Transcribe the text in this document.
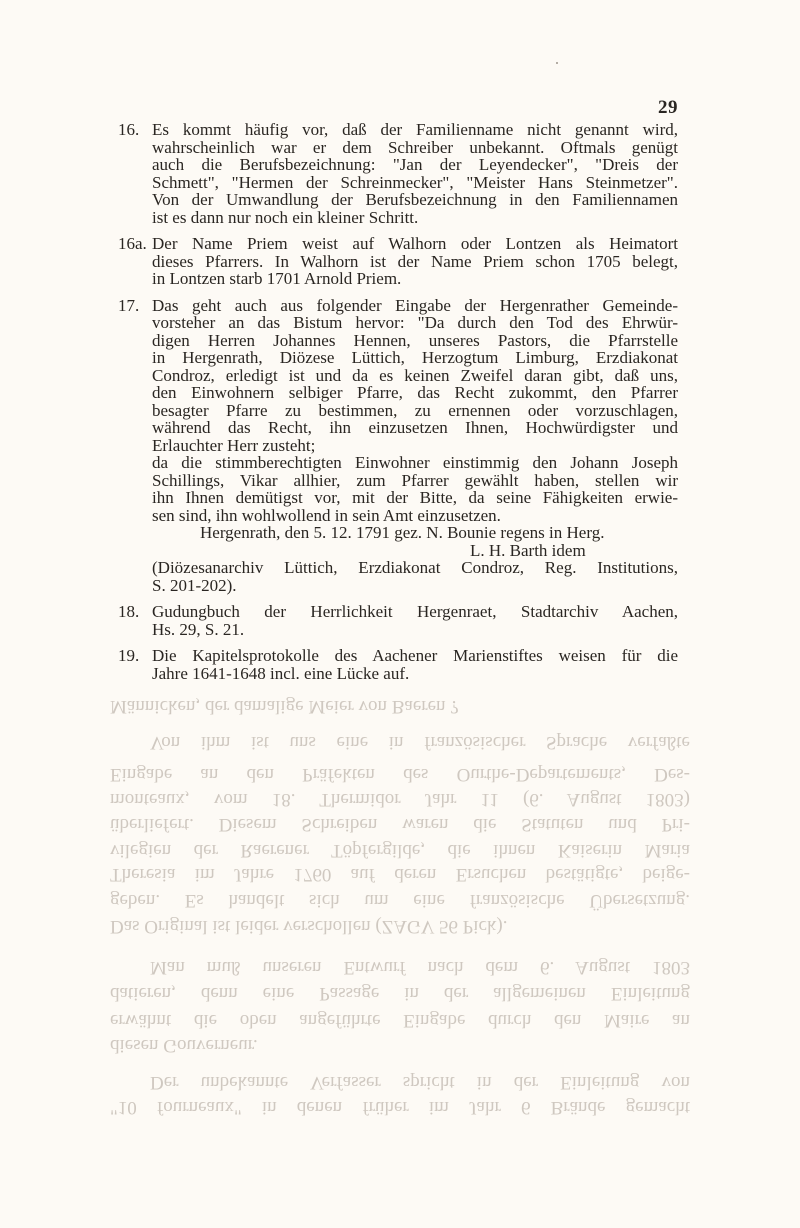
Männicken, der damalige Meier von Baeren ?
Von ihm ist uns eine in französischer Sprache verfaßte
Eingabe an den Präfekten des Ourthe-Departements, Des-
monteaux, vom 18. Thermidor Jahr 11 (6. August 1803)
überliefert. Diesem Schreiben waren die Statuten und Pri-
vilegien der Raerener Töpfergilde, die ihnen Kaiserin Maria
Theresia im Jahre 1760 auf deren Ersuchen bestätigte, beige-
geben. Es handelt sich um eine französische Übersetzung.
Das Original ist leider verschollen (ZAGV 56 Pick).
Man muß unseren Entwurf nach dem 6. August 1803
datieren, denn eine Passage in der allgemeinen Einleitung
erwähnt die oben angeführte Eingabe durch den Maire an
diesen Gouverneur.
Der unbekannte Verfasser spricht in der Einleitung von
"10 fourneaux" in denen früher im Jahr 6 Brände gemacht
29
16. Es kommt häufig vor, daß der Familienname nicht genannt wird,
wahrscheinlich war er dem Schreiber unbekannt. Oftmals genügt
auch die Berufsbezeichnung: "Jan der Leyendecker", "Dreis der
Schmett", "Hermen der Schreinmecker", "Meister Hans Steinmetzer".
Von der Umwandlung der Berufsbezeichnung in den Familiennamen
ist es dann nur noch ein kleiner Schritt.
16a. Der Name Priem weist auf Walhorn oder Lontzen als Heimatort
dieses Pfarrers. In Walhorn ist der Name Priem schon 1705 belegt,
in Lontzen starb 1701 Arnold Priem.
17. Das geht auch aus folgender Eingabe der Hergenrather Gemeinde-
vorsteher an das Bistum hervor: "Da durch den Tod des Ehrwür-
digen Herren Johannes Hennen, unseres Pastors, die Pfarrstelle
in Hergenrath, Diözese Lüttich, Herzogtum Limburg, Erzdiakonat
Condroz, erledigt ist und da es keinen Zweifel daran gibt, daß uns,
den Einwohnern selbiger Pfarre, das Recht zukommt, den Pfarrer
besagter Pfarre zu bestimmen, zu ernennen oder vorzuschlagen,
während das Recht, ihn einzusetzen Ihnen, Hochwürdigster und
Erlauchter Herr zusteht;
da die stimmberechtigten Einwohner einstimmig den Johann Joseph
Schillings, Vikar allhier, zum Pfarrer gewählt haben, stellen wir
ihn Ihnen demütigst vor, mit der Bitte, da seine Fähigkeiten erwie-
sen sind, ihn wohlwollend in sein Amt einzusetzen.
Hergenrath, den 5. 12. 1791 gez. N. Bounie regens in Herg.
L. H. Barth idem
(Diözesanarchiv Lüttich, Erzdiakonat Condroz, Reg. Institutions,
S. 201-202).
18. Gudungbuch der Herrlichkeit Hergenraet, Stadtarchiv Aachen,
Hs. 29, S. 21.
19. Die Kapitelsprotokolle des Aachener Marienstiftes weisen für die
Jahre 1641-1648 incl. eine Lücke auf.
